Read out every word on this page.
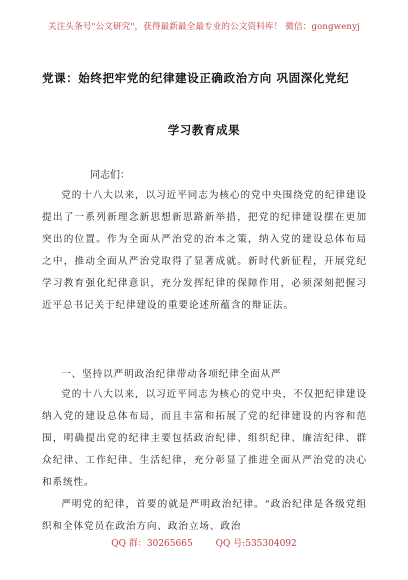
关注头条号"公文研究"，获得最新最全最专业的公文资料库！ 微信：gongwenyj
党课：始终把牢党的纪律建设正确政治方向 巩固深化党纪
学习教育成果
同志们：

党的十八大以来，以习近平同志为核心的党中央围绕党的纪律建设提出了一系列新理念新思想新思路新举措，把党的纪律建设摆在更加突出的位置。作为全面从严治党的治本之策，纳入党的建设总体布局之中，推动全面从严治党取得了显著成就。新时代新征程，开展党纪学习教育强化纪律意识，充分发挥纪律的保障作用，必须深刻把握习近平总书记关于纪律建设的重要论述所蕴含的辩证法。

一、坚持以严明政治纪律带动各项纪律全面从严

党的十八大以来，以习近平同志为核心的党中央，不仅把纪律建设纳入党的建设总体布局，而且丰富和拓展了党的纪律建设的内容和范围，明确提出党的纪律主要包括政治纪律、组织纪律、廉洁纪律、群众纪律、工作纪律、生活纪律，充分彰显了推进全面从严治党的决心和系统性。

严明党的纪律，首要的就是严明政治纪律。“政治纪律是各级党组织和全体党员在政治方向、政治立场、政治

QQ 群：30265665	QQ 号:535304092
